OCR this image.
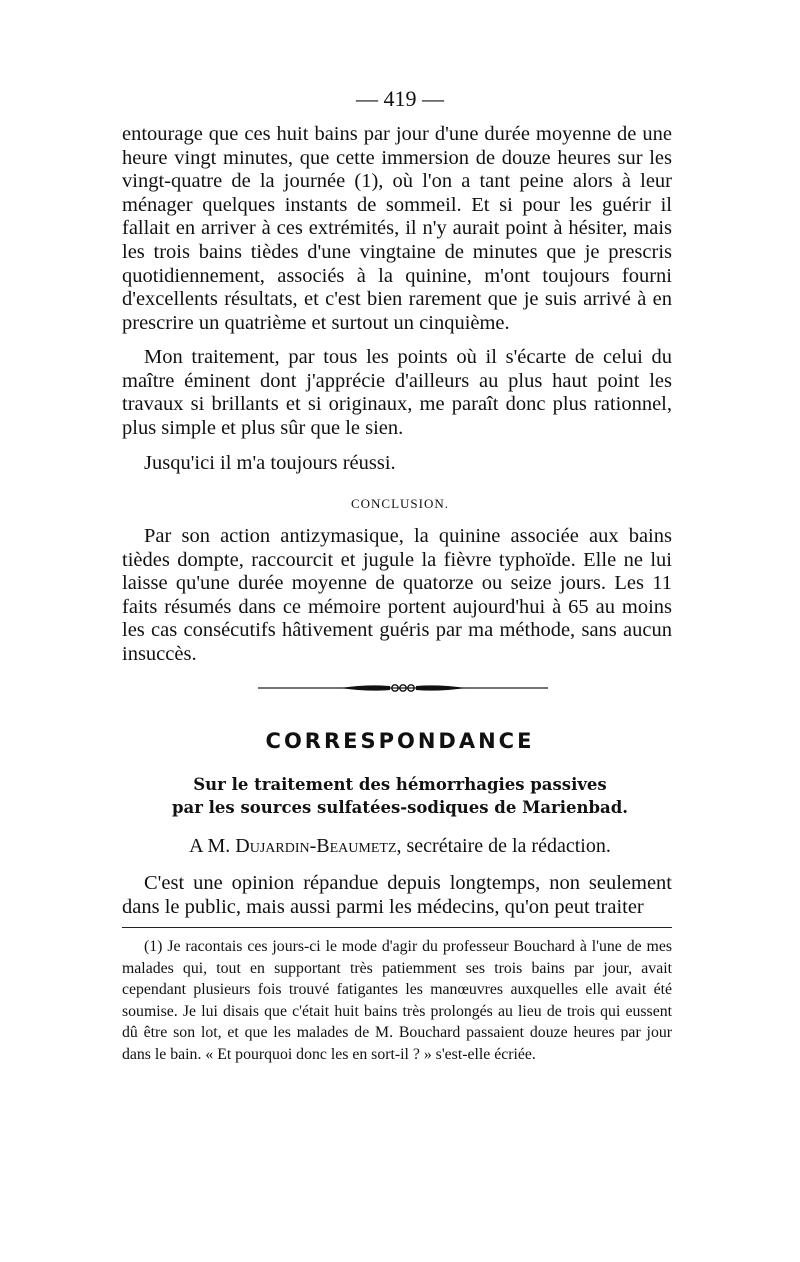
— 419 —

entourage que ces huit bains par jour d'une durée moyenne de une heure vingt minutes, que cette immersion de douze heures sur les vingt-quatre de la journée (1), où l'on a tant peine alors à leur ménager quelques instants de sommeil. Et si pour les guérir il fallait en arriver à ces extrémités, il n'y aurait point à hésiter, mais les trois bains tièdes d'une vingtaine de minutes que je prescris quotidiennement, associés à la quinine, m'ont toujours fourni d'excellents résultats, et c'est bien rarement que je suis arrivé à en prescrire un quatrième et surtout un cinquième.

Mon traitement, par tous les points où il s'écarte de celui du maître éminent dont j'apprécie d'ailleurs au plus haut point les travaux si brillants et si originaux, me paraît donc plus rationnel, plus simple et plus sûr que le sien.

Jusqu'ici il m'a toujours réussi.

CONCLUSION.

Par son action antizymasique, la quinine associée aux bains tièdes dompte, raccourcit et jugule la fièvre typhoïde. Elle ne lui laisse qu'une durée moyenne de quatorze ou seize jours. Les 11 faits résumés dans ce mémoire portent aujourd'hui à 65 au moins les cas consécutifs hâtivement guéris par ma méthode, sans aucun insuccès.

CORRESPONDANCE
Sur le traitement des hémorrhagies passives
par les sources sulfatées-sodiques de Marienbad.
A M. Dujardin-Beaumetz, secrétaire de la rédaction.

C'est une opinion répandue depuis longtemps, non seulement dans le public, mais aussi parmi les médecins, qu'on peut traiter

(1) Je racontais ces jours-ci le mode d'agir du professeur Bouchard à l'une de mes malades qui, tout en supportant très patiemment ses trois bains par jour, avait cependant plusieurs fois trouvé fatigantes les manœuvres auxquelles elle avait été soumise. Je lui disais que c'était huit bains très prolongés au lieu de trois qui eussent dû être son lot, et que les malades de M. Bouchard passaient douze heures par jour dans le bain. « Et pourquoi donc les en sort-il ? » s'est-elle écriée.
